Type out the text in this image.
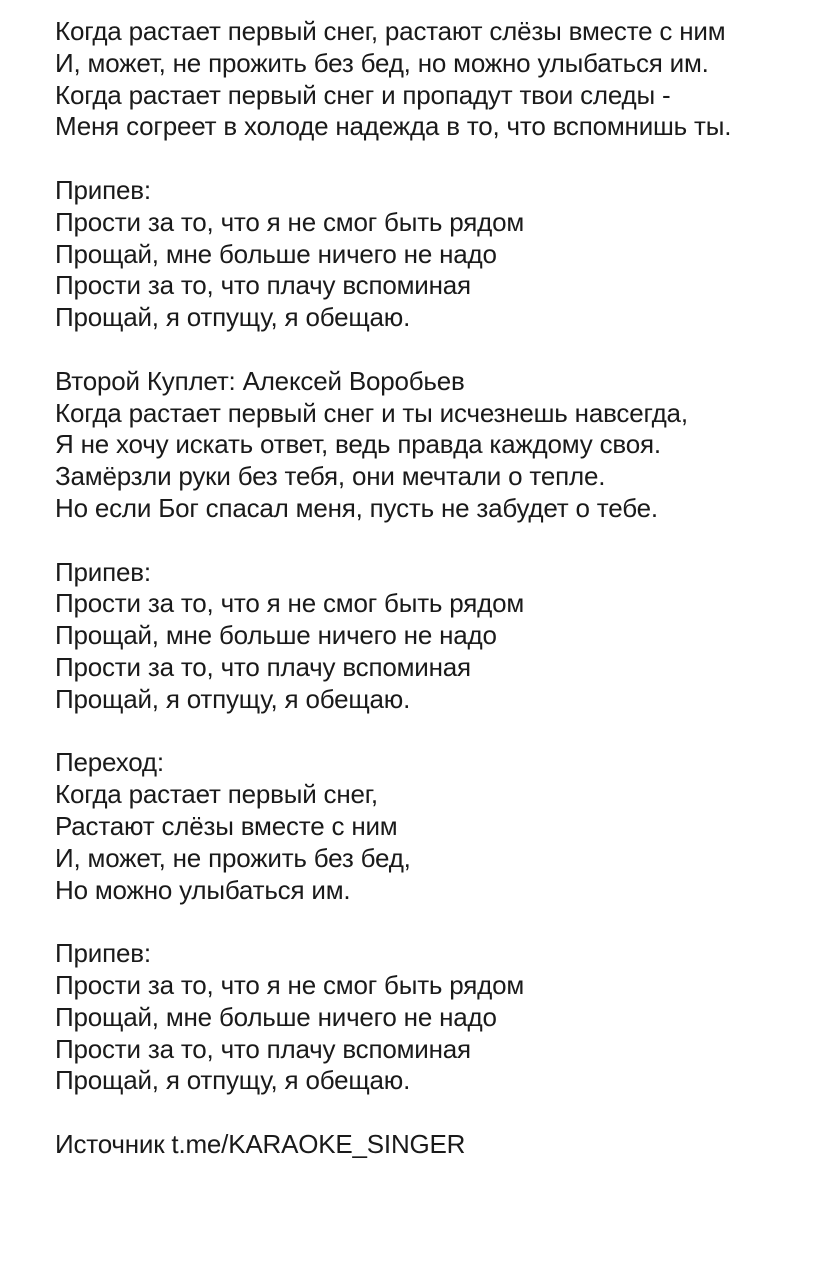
Когда растает первый снег, растают слёзы вместе с ним
И, может, не прожить без бед, но можно улыбаться им.
Когда растает первый снег и пропадут твои следы -
Меня согреет в холоде надежда в то, что вспомнишь ты.
Припев:
Прости за то, что я не смог быть рядом
Прощай, мне больше ничего не надо
Прости за то, что плачу вспоминая
Прощай, я отпущу, я обещаю.
Второй Куплет: Алексей Воробьев
Когда растает первый снег и ты исчезнешь навсегда,
Я не хочу искать ответ, ведь правда каждому своя.
Замёрзли руки без тебя, они мечтали о тепле.
Но если Бог спасал меня, пусть не забудет о тебе.
Припев:
Прости за то, что я не смог быть рядом
Прощай, мне больше ничего не надо
Прости за то, что плачу вспоминая
Прощай, я отпущу, я обещаю.
Переход:
Когда растает первый снег,
Растают слёзы вместе с ним
И, может, не прожить без бед,
Но можно улыбаться им.
Припев:
Прости за то, что я не смог быть рядом
Прощай, мне больше ничего не надо
Прости за то, что плачу вспоминая
Прощай, я отпущу, я обещаю.
Источник t.me/KARAOKE_SINGER
